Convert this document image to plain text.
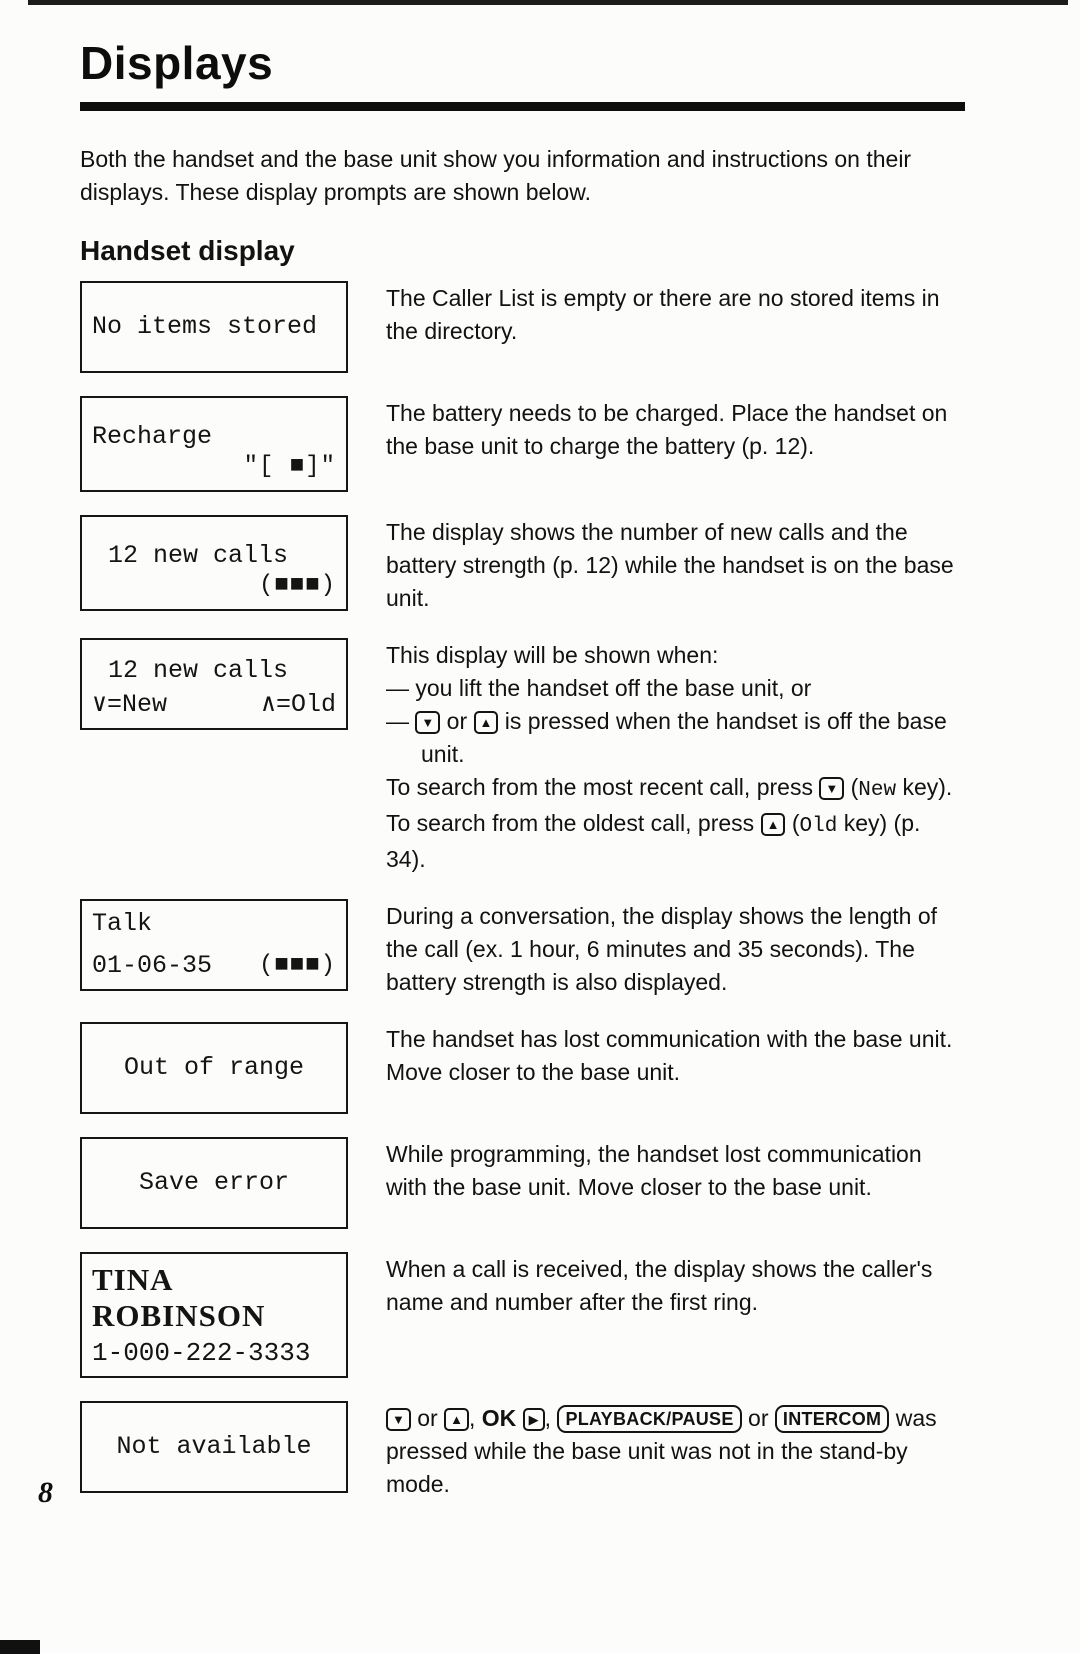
Displays

Both the handset and the base unit show you information and instructions on their displays. These display prompts are shown below.

Handset display
No items stored

The Caller List is empty or there are no stored items in the directory.

Recharge
″[ ■]″

The battery needs to be charged. Place the handset on the base unit to charge the battery (p. 12).

12 new calls
(■■■)

The display shows the number of new calls and the battery strength (p. 12) while the handset is on the base unit.

12 new calls
∨=New	∧=Old

This display will be shown when:

— you lift the handset off the base unit, or

— ▼ or ▲ is pressed when the handset is off the base unit.

To search from the most recent call, press ▼ (New key). To search from the oldest call, press ▲ (Old key) (p. 34).

Talk
01-06-35 (■■■)

During a conversation, the display shows the length of the call (ex. 1 hour, 6 minutes and 35 seconds). The battery strength is also displayed.

Out of range

The handset has lost communication with the base unit. Move closer to the base unit.

Save error

While programming, the handset lost communication with the base unit. Move closer to the base unit.

TINA ROBINSON
1-000-222-3333

When a call is received, the display shows the caller's name and number after the first ring.

Not available

▼ or ▲ , OK ▶ , PLAYBACK/PAUSE or INTERCOM was pressed while the base unit was not in the stand-by mode.

8
